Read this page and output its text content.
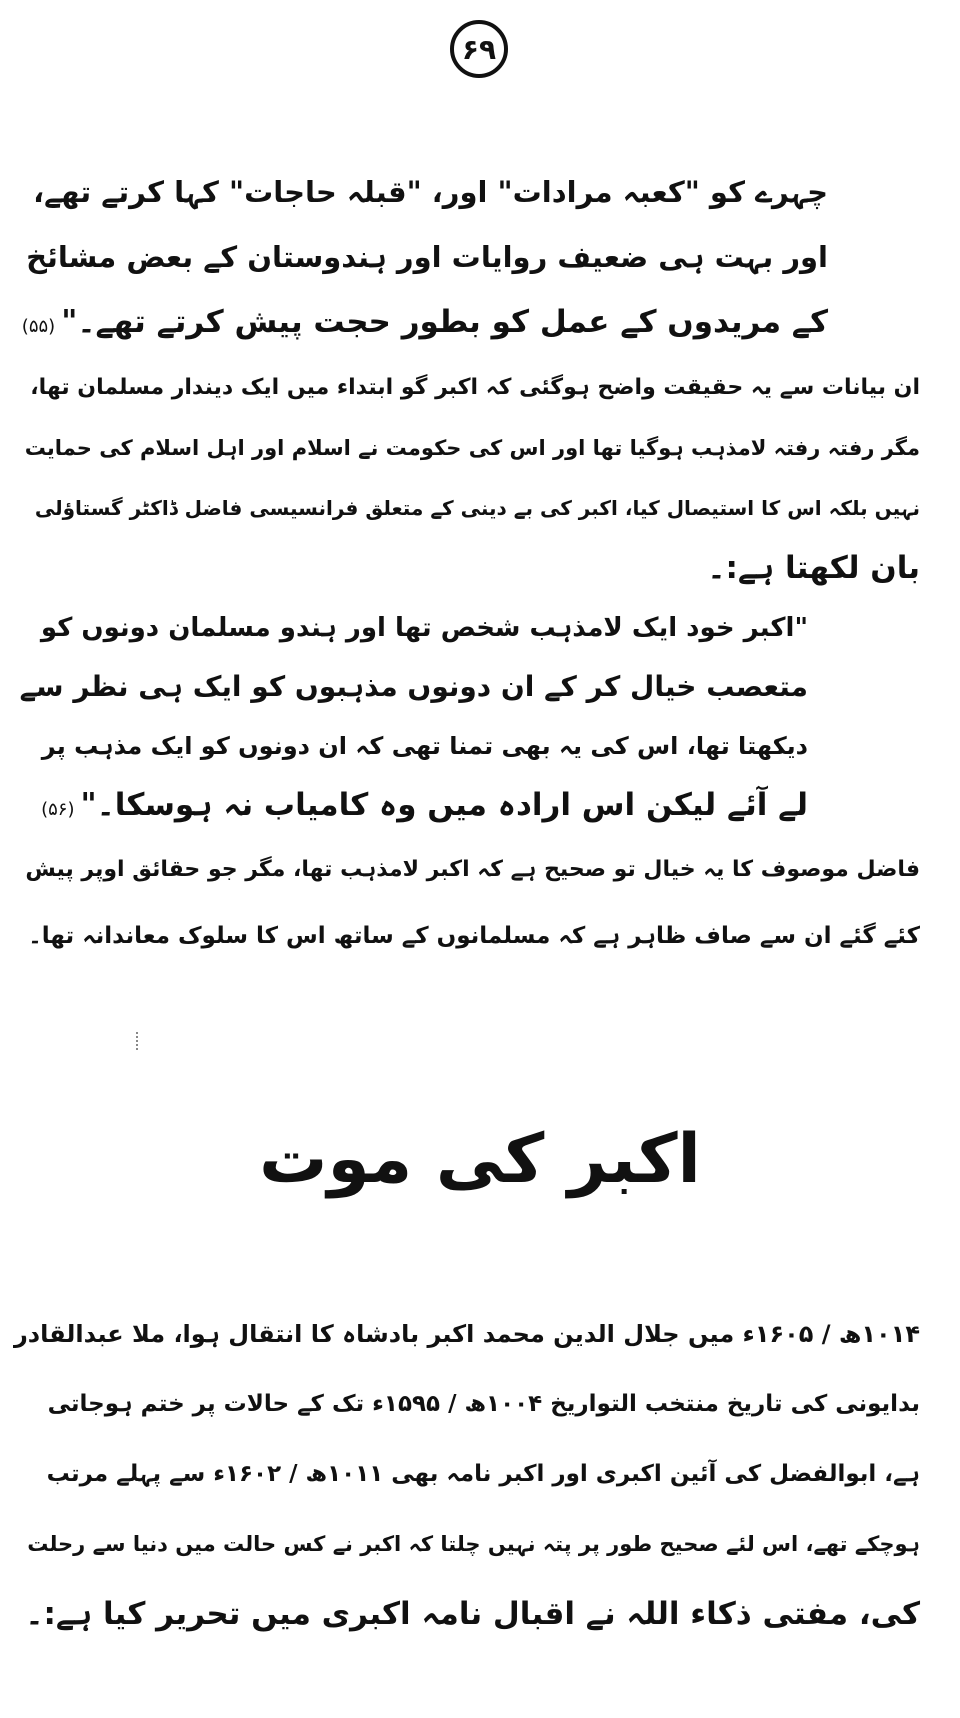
۶۹
چہرے کو "کعبہ مرادات" اور، "قبلہ حاجات" کہا کرتے تھے،
اور بہت ہی ضعیف روایات اور ہندوستان کے بعض مشائخ
کے مریدوں کے عمل کو بطور حجت پیش کرتے تھے۔"(۵۵)
ان بیانات سے یہ حقیقت واضح ہوگئی کہ اکبر گو ابتداء میں ایک دیندار مسلمان تھا،
مگر رفتہ رفتہ لامذہب ہوگیا تھا اور اس کی حکومت نے اسلام اور اہل اسلام کی حمایت
نہیں بلکہ اس کا استیصال کیا، اکبر کی بے دینی کے متعلق فرانسیسی فاضل ڈاکٹر گستاؤلی
بان لکھتا ہے:۔
"اکبر خود ایک لامذہب شخص تھا اور ہندو مسلمان دونوں کو
متعصب خیال کر کے ان دونوں مذہبوں کو ایک ہی نظر سے
دیکھتا تھا، اس کی یہ بھی تمنا تھی کہ ان دونوں کو ایک مذہب پر
لے آئے لیکن اس ارادہ میں وہ کامیاب نہ ہوسکا۔"(۵۶)
فاضل موصوف کا یہ خیال تو صحیح ہے کہ اکبر لامذہب تھا، مگر جو حقائق اوپر پیش
کئے گئے ان سے صاف ظاہر ہے کہ مسلمانوں کے ساتھ اس کا سلوک معاندانہ تھا۔
اکبر کی موت
۱۰۱۴ھ / ۱۶۰۵ء میں جلال الدین محمد اکبر بادشاہ کا انتقال ہوا، ملا عبدالقادر
بدایونی کی تاریخ منتخب التواریخ ۱۰۰۴ھ / ۱۵۹۵ء تک کے حالات پر ختم ہوجاتی
ہے، ابوالفضل کی آئین اکبری اور اکبر نامہ بھی ۱۰۱۱ھ / ۱۶۰۲ء سے پہلے مرتب
ہوچکے تھے، اس لئے صحیح طور پر پتہ نہیں چلتا کہ اکبر نے کس حالت میں دنیا سے رحلت
کی، مفتی ذکاء اللہ نے اقبال نامہ اکبری میں تحریر کیا ہے:۔
